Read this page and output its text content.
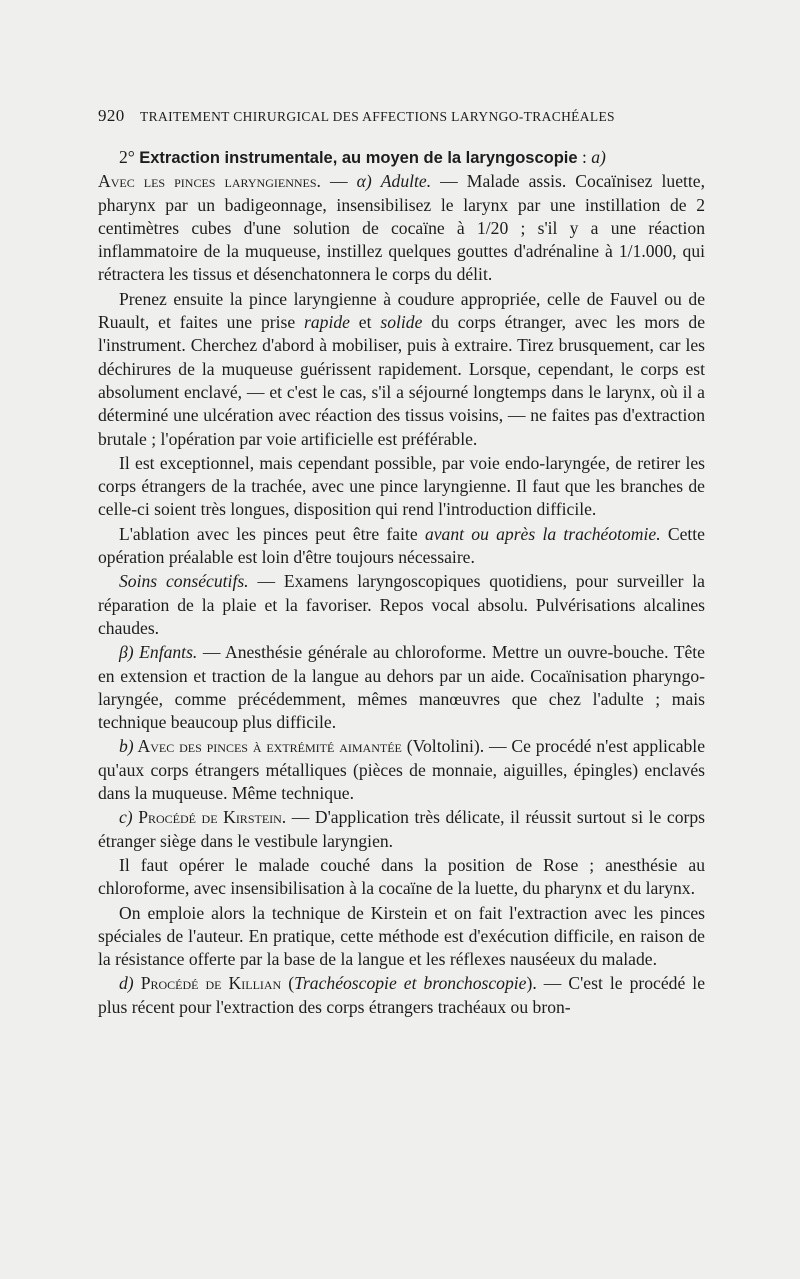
920 TRAITEMENT CHIRURGICAL DES AFFECTIONS LARYNGO-TRACHÉALES

2° Extraction instrumentale, au moyen de la laryngoscopie : a)
Avec les pinces laryngiennes. — α) Adulte. — Malade assis. Cocaïnisez luette, pharynx par un badigeonnage, insensibilisez le larynx par une instillation de 2 centimètres cubes d'une solution de cocaïne à 1/20 ; s'il y a une réaction inflammatoire de la muqueuse, instillez quelques gouttes d'adrénaline à 1/1.000, qui rétractera les tissus et désenchatonnera le corps du délit.

Prenez ensuite la pince laryngienne à coudure appropriée, celle de Fauvel ou de Ruault, et faites une prise rapide et solide du corps étranger, avec les mors de l'instrument. Cherchez d'abord à mobiliser, puis à extraire. Tirez brusquement, car les déchirures de la muqueuse guérissent rapidement. Lorsque, cependant, le corps est absolument enclavé, — et c'est le cas, s'il a séjourné longtemps dans le larynx, où il a déterminé une ulcération avec réaction des tissus voisins, — ne faites pas d'extraction brutale ; l'opération par voie artificielle est préférable.

Il est exceptionnel, mais cependant possible, par voie endo-laryngée, de retirer les corps étrangers de la trachée, avec une pince laryngienne. Il faut que les branches de celle-ci soient très longues, disposition qui rend l'introduction difficile.

L'ablation avec les pinces peut être faite avant ou après la trachéotomie. Cette opération préalable est loin d'être toujours nécessaire.

Soins consécutifs. — Examens laryngoscopiques quotidiens, pour surveiller la réparation de la plaie et la favoriser. Repos vocal absolu. Pulvérisations alcalines chaudes.

β) Enfants. — Anesthésie générale au chloroforme. Mettre un ouvre-bouche. Tête en extension et traction de la langue au dehors par un aide. Cocaïnisation pharyngo-laryngée, comme précédemment, mêmes manœuvres que chez l'adulte ; mais technique beaucoup plus difficile.

b) Avec des pinces à extrémité aimantée (Voltolini). — Ce procédé n'est applicable qu'aux corps étrangers métalliques (pièces de monnaie, aiguilles, épingles) enclavés dans la muqueuse. Même technique.

c) Procédé de Kirstein. — D'application très délicate, il réussit surtout si le corps étranger siège dans le vestibule laryngien.

Il faut opérer le malade couché dans la position de Rose ; anesthésie au chloroforme, avec insensibilisation à la cocaïne de la luette, du pharynx et du larynx.

On emploie alors la technique de Kirstein et on fait l'extraction avec les pinces spéciales de l'auteur. En pratique, cette méthode est d'exécution difficile, en raison de la résistance offerte par la base de la langue et les réflexes nauséeux du malade.

d) Procédé de Killian (Trachéoscopie et bronchoscopie). — C'est le procédé le plus récent pour l'extraction des corps étrangers trachéaux ou bron-
